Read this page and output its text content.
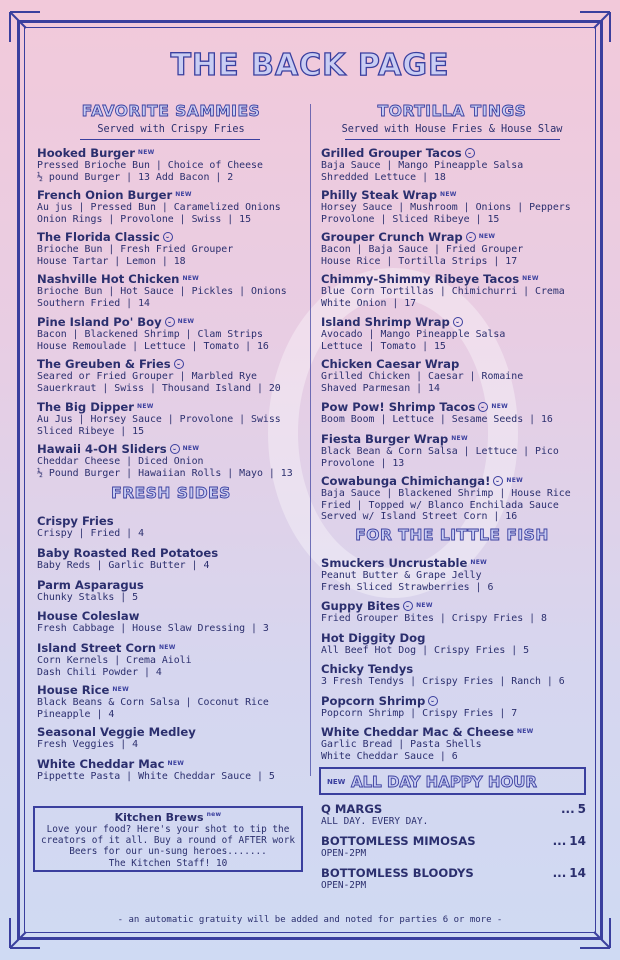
THE BACK PAGE
FAVORITE SAMMIES
Served with Crispy Fries
Hooked Burger $^{NEW}$
Pressed Brioche Bun | Choice of Cheese
½ pound Burger | 13 Add Bacon | 2
French Onion Burger $^{NEW}$
Au jus | Pressed Bun | Caramelized Onions
Onion Rings | Provolone | Swiss | 15
The Florida Classic
Brioche Bun | Fresh Fried Grouper
House Tartar | Lemon | 18
Nashville Hot Chicken $^{NEW}$
Brioche Bun | Hot Sauce | Pickles | Onions
Southern Fried | 14
Pine Island Po' Boy	$^{NEW}$
Bacon | Blackened Shrimp | Clam Strips
House Remoulade | Lettuce | Tomato | 16
The Greuben & Fries
Seared or Fried Grouper | Marbled Rye
Sauerkraut | Swiss | Thousand Island | 20
The Big Dipper $^{NEW}$
Au Jus | Horsey Sauce | Provolone | Swiss
Sliced Ribeye | 15
Hawaii 4-OH Sliders	$^{NEW}$
Cheddar Cheese | Diced Onion
½ Pound Burger | Hawaiian Rolls | Mayo | 13
FRESH SIDES
Crispy Fries
Crispy | Fried | 4
Baby Roasted Red Potatoes
Baby Reds | Garlic Butter | 4
Parm Asparagus
Chunky Stalks | 5
House Coleslaw
Fresh Cabbage | House Slaw Dressing | 3
Island Street Corn $^{NEW}$
Corn Kernels | Crema Aioli
Dash Chili Powder | 4
House Rice $^{NEW}$
Black Beans & Corn Salsa | Coconut Rice
Pineapple | 4
Seasonal Veggie Medley
Fresh Veggies | 4
White Cheddar Mac $^{NEW}$
Pippette Pasta | White Cheddar Sauce | 5
Kitchen Brews $^{new}$
Love your food? Here's your shot to tip the
creators of it all. Buy a round of AFTER work
Beers for our un-sung heroes.......
The Kitchen Staff! 10
TORTILLA TINGS
Served with House Fries & House Slaw
Grilled Grouper Tacos
Baja Sauce | Mango Pineapple Salsa
Shredded Lettuce | 18
Philly Steak Wrap $^{NEW}$
Horsey Sauce | Mushroom | Onions | Peppers
Provolone | Sliced Ribeye | 15
Grouper Crunch Wrap	$^{NEW}$
Bacon | Baja Sauce | Fried Grouper
House Rice | Tortilla Strips | 17
Chimmy-Shimmy Ribeye Tacos $^{NEW}$
Blue Corn Tortillas | Chimichurri | Crema
White Onion | 17
Island Shrimp Wrap
Avocado | Mango Pineapple Salsa
Lettuce | Tomato | 15
Chicken Caesar Wrap
Grilled Chicken | Caesar | Romaine
Shaved Parmesan | 14
Pow Pow! Shrimp Tacos	$^{NEW}$
Boom Boom | Lettuce | Sesame Seeds | 16
Fiesta Burger Wrap $^{NEW}$
Black Bean & Corn Salsa | Lettuce | Pico
Provolone | 13
Cowabunga Chimichanga!	$^{NEW}$
Baja Sauce | Blackened Shrimp | House Rice
Fried | Topped w/ Blanco Enchilada Sauce
Served w/ Island Street Corn | 16
FOR THE LITTLE FISH
Smuckers Uncrustable $^{NEW}$
Peanut Butter & Grape Jelly
Fresh Sliced Strawberries | 6
Guppy Bites	$^{NEW}$
Fried Grouper Bites | Crispy Fries | 8
Hot Diggity Dog
All Beef Hot Dog | Crispy Fries | 5
Chicky Tendys
3 Fresh Tendys | Crispy Fries | Ranch | 6
Popcorn Shrimp
Popcorn Shrimp | Crispy Fries | 7
White Cheddar Mac & Cheese $^{NEW}$
Garlic Bread | Pasta Shells
White Cheddar Sauce | 6
NEW ALL DAY HAPPY HOUR
Q MARGS
ALL DAY. EVERY DAY.
... 5
BOTTOMLESS MIMOSAS
OPEN-2PM
... 14
BOTTOMLESS BLOODYS
OPEN-2PM
... 14
- an automatic gratuity will be added and noted for parties 6 or more -
